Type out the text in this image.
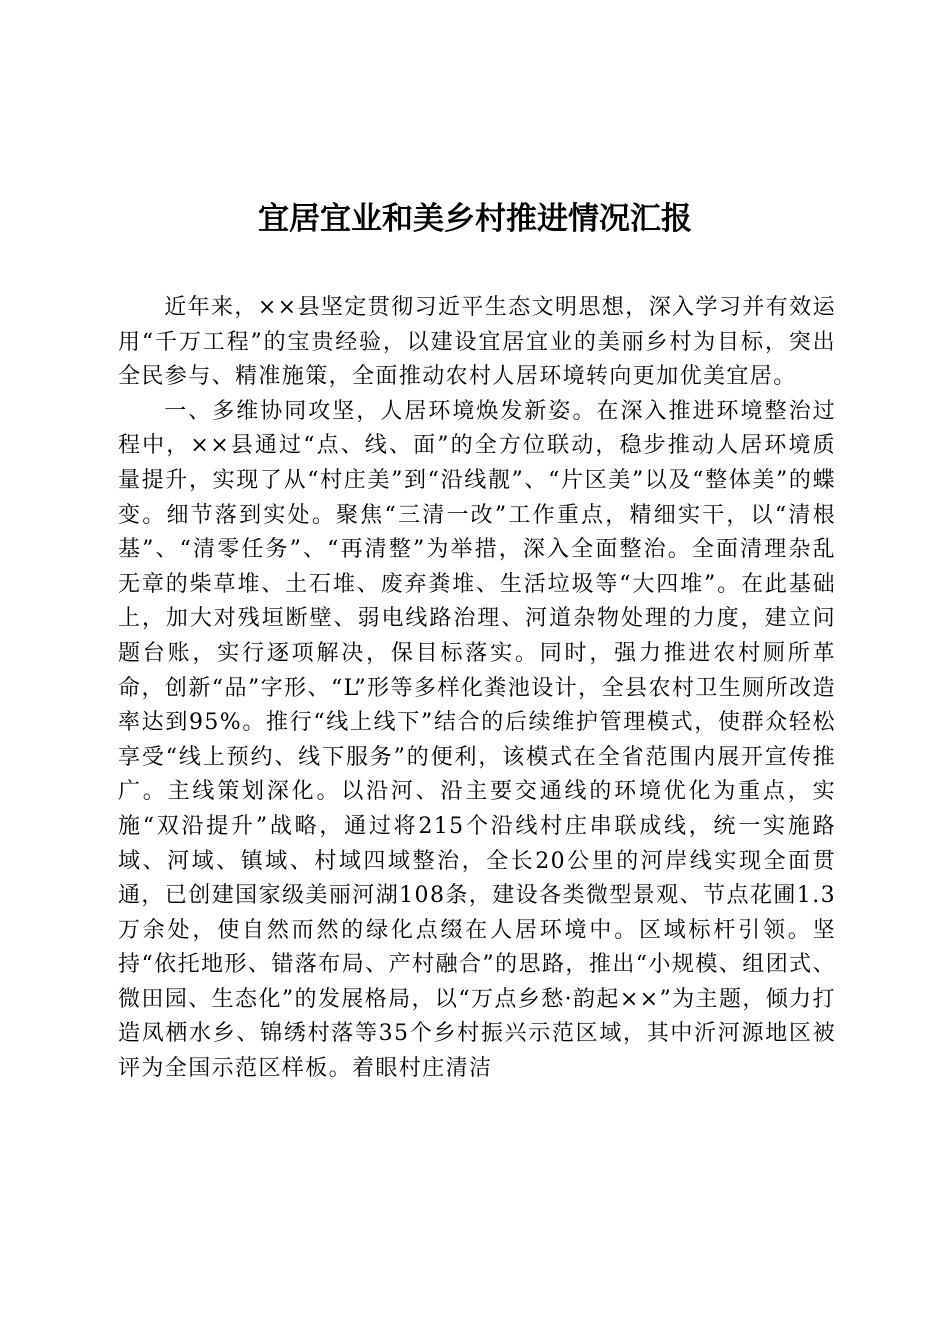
宜居宜业和美乡村推进情况汇报

近年来，××县坚定贯彻习近平生态文明思想，深入学习并有效运用“千万工程”的宝贵经验，以建设宜居宜业的美丽乡村为目标，突出全民参与、精准施策，全面推动农村人居环境转向更加优美宜居。

一、多维协同攻坚，人居环境焕发新姿。在深入推进环境整治过程中，××县通过“点、线、面”的全方位联动，稳步推动人居环境质量提升，实现了从“村庄美”到“沿线靓”、“片区美”以及“整体美”的蝶变。细节落到实处。聚焦“三清一改”工作重点，精细实干，以“清根基”、“清零任务”、“再清整”为举措，深入全面整治。全面清理杂乱无章的柴草堆、土石堆、废弃粪堆、生活垃圾等“大四堆”。在此基础上，加大对残垣断壁、弱电线路治理、河道杂物处理的力度，建立问题台账，实行逐项解决，保目标落实。同时，强力推进农村厕所革命，创新“品”字形、“L”形等多样化粪池设计，全县农村卫生厕所改造率达到95%。推行“线上线下”结合的后续维护管理模式，使群众轻松享受“线上预约、线下服务”的便利，该模式在全省范围内展开宣传推广。主线策划深化。以沿河、沿主要交通线的环境优化为重点，实施“双沿提升”战略，通过将215个沿线村庄串联成线，统一实施路域、河域、镇域、村域四域整治，全长20公里的河岸线实现全面贯通，已创建国家级美丽河湖108条，建设各类微型景观、节点花圃1.3万余处，使自然而然的绿化点缀在人居环境中。区域标杆引领。坚持“依托地形、错落布局、产村融合”的思路，推出“小规模、组团式、微田园、生态化”的发展格局，以“万点乡愁·韵起××”为主题，倾力打造凤栖水乡、锦绣村落等35个乡村振兴示范区域，其中沂河源地区被评为全国示范区样板。着眼村庄清洁
